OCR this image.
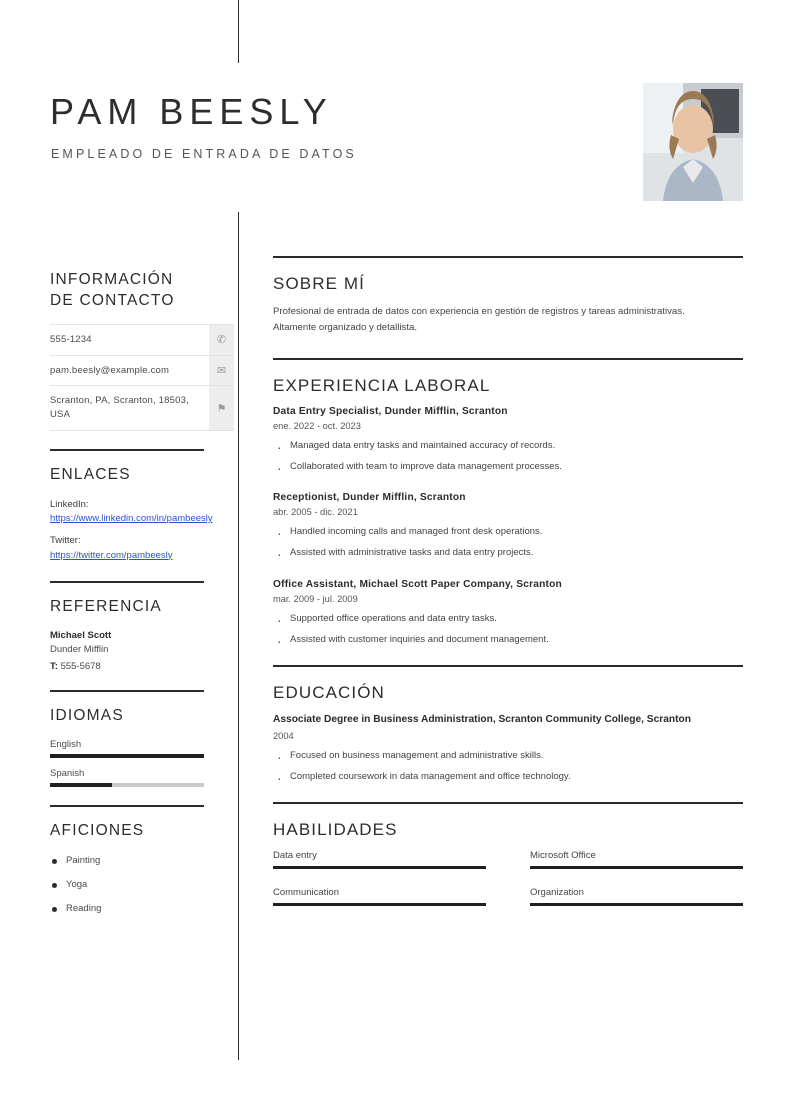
PAM BEESLY
EMPLEADO DE ENTRADA DE DATOS
INFORMACIÓN
DE CONTACTO
555-1234	✆
pam.beesly@example.com	✉
Scranton, PA, Scranton, 18503, USA	⚑
ENLACES
LinkedIn:
https://www.linkedin.com/in/pambeesly
Twitter:
https://twitter.com/pambeesly
REFERENCIA
Michael Scott
Dunder Mifflin
T: 555-5678
IDIOMAS
English
Spanish
AFICIONES
Painting
Yoga
Reading
SOBRE MÍ

Profesional de entrada de datos con experiencia en gestión de registros y tareas administrativas. Altamente organizado y detallista.

EXPERIENCIA LABORAL
Data Entry Specialist, Dunder Mifflin, Scranton
ene. 2022 - oct. 2023
· Managed data entry tasks and maintained accuracy of records.
· Collaborated with team to improve data management processes.
Receptionist, Dunder Mifflin, Scranton
abr. 2005 - dic. 2021
· Handled incoming calls and managed front desk operations.
· Assisted with administrative tasks and data entry projects.
Office Assistant, Michael Scott Paper Company, Scranton
mar. 2009 - jul. 2009
· Supported office operations and data entry tasks.
· Assisted with customer inquiries and document management.
EDUCACIÓN
Associate Degree in Business Administration, Scranton Community College, Scranton
2004
· Focused on business management and administrative skills.
· Completed coursework in data management and office technology.
HABILIDADES
Data entry	Microsoft Office
Communication	Organization
